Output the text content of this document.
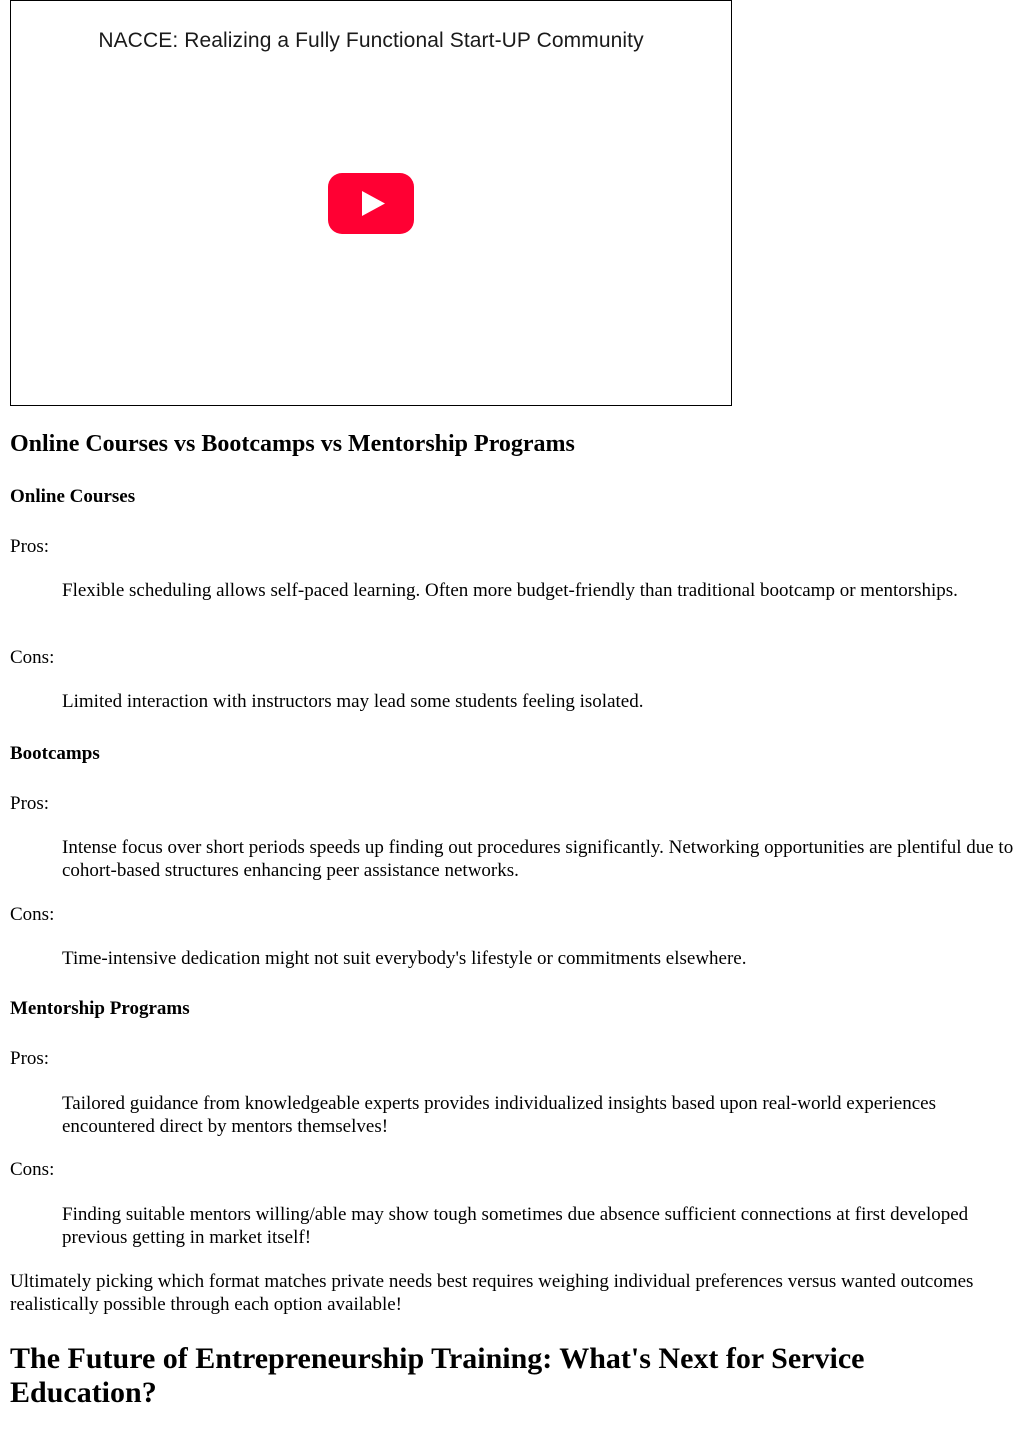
NACCE: Realizing a Fully Functional Start-UP Community
Online Courses vs Bootcamps vs Mentorship Programs
Online Courses

Pros:

Flexible scheduling allows self-paced learning. Often more budget-friendly than traditional bootcamp or mentorships.

Cons:

Limited interaction with instructors may lead some students feeling isolated.
Bootcamps

Pros:

Intense focus over short periods speeds up finding out procedures significantly. Networking opportunities are plentiful due to cohort-based structures enhancing peer assistance networks.

Cons:

Time-intensive dedication might not suit everybody's lifestyle or commitments elsewhere.
Mentorship Programs

Pros:

Tailored guidance from knowledgeable experts provides individualized insights based upon real-world experiences encountered direct by mentors themselves!

Cons:

Finding suitable mentors willing/able may show tough sometimes due absence sufficient connections at first developed previous getting in market itself!

Ultimately picking which format matches private needs best requires weighing individual preferences versus wanted outcomes realistically possible through each option available!

The Future of Entrepreneurship Training: What's Next for Service Education?
